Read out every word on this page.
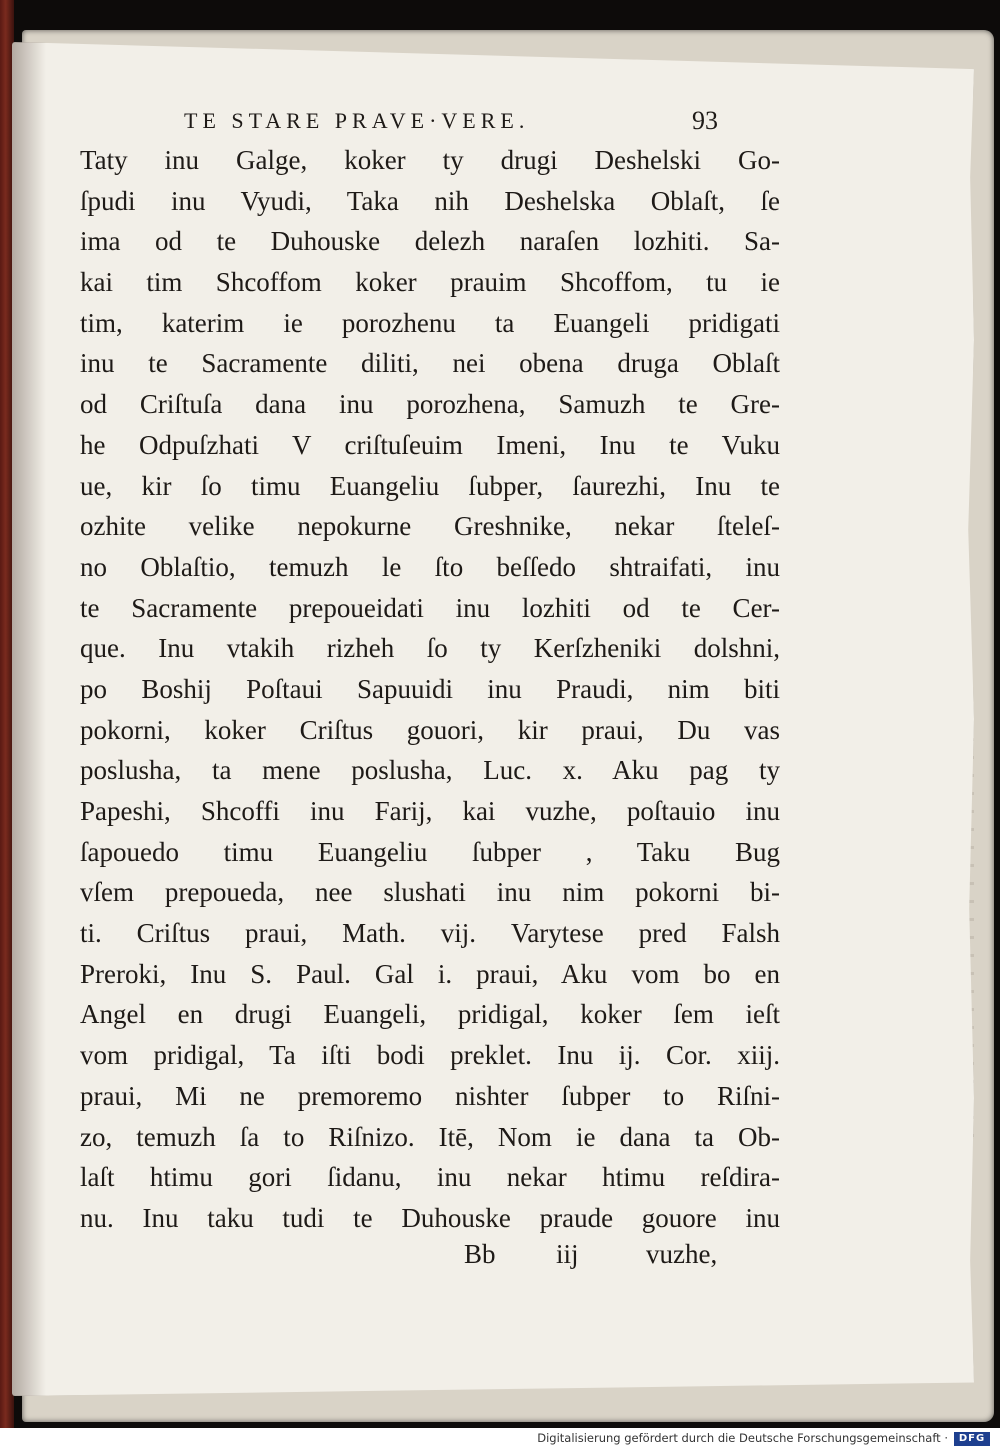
TE STARE PRAVE·VERE.	93
Taty inu Galge, koker ty drugi Deshelski Go-
ſpudi inu Vyudi, Taka nih Deshelska Oblaſt, ſe
ima od te Duhouske delezh naraſen lozhiti. Sa-
kai tim Shcoffom koker prauim Shcoffom, tu ie
tim, katerim ie porozhenu ta Euangeli pridigati
inu te Sacramente diliti, nei obena druga Oblaſt
od Criſtuſa dana inu porozhena, Samuzh te Gre-
he Odpuſzhati V criſtuſeuim Imeni, Inu te Vuku
ue, kir ſo timu Euangeliu ſubper, ſaurezhi, Inu te
ozhite velike nepokurne Greshnike, nekar ſteleſ-
no Oblaſtio, temuzh le ſto beſſedo shtraifati, inu
te Sacramente prepoueidati inu lozhiti od te Cer-
que. Inu vtakih rizheh ſo ty Kerſzheniki dolshni,
po Boshiј Poſtaui Sapuuidi inu Praudi, nim biti
pokorni, koker Criſtus gouori, kir praui, Du vas
poslusha, ta mene poslusha, Luc. x. Aku pag ty
Papeshi, Shcoffi inu Fariј, kai vuzhe, poſtauio inu
ſapouedo timu Euangeliu ſubper , Taku Bug
vſem prepoueda, nee slushati inu nim pokorni bi-
ti. Criſtus praui, Math. viј. Varytese pred Falsh
Preroki, Inu S. Paul. Gal i. praui, Aku vom bo en
Angel en drugi Euangeli, pridigal, koker ſem ieſt
vom pridigal, Ta iſti bodi preklet. Inu iј. Cor. xiiј.
praui, Mi ne premoremo nishter ſubper to Riſni-
zo, temuzh ſa to Riſnizo. Itē, Nom ie dana ta Ob-
laſt htimu gori ſidanu, inu nekar htimu reſdira-
nu. Inu taku tudi te Duhouske praude gouore inu
Bb iiј vuzhe,
Digitalisierung gefördert durch die Deutsche Forschungsgemeinschaft ·	DFG
